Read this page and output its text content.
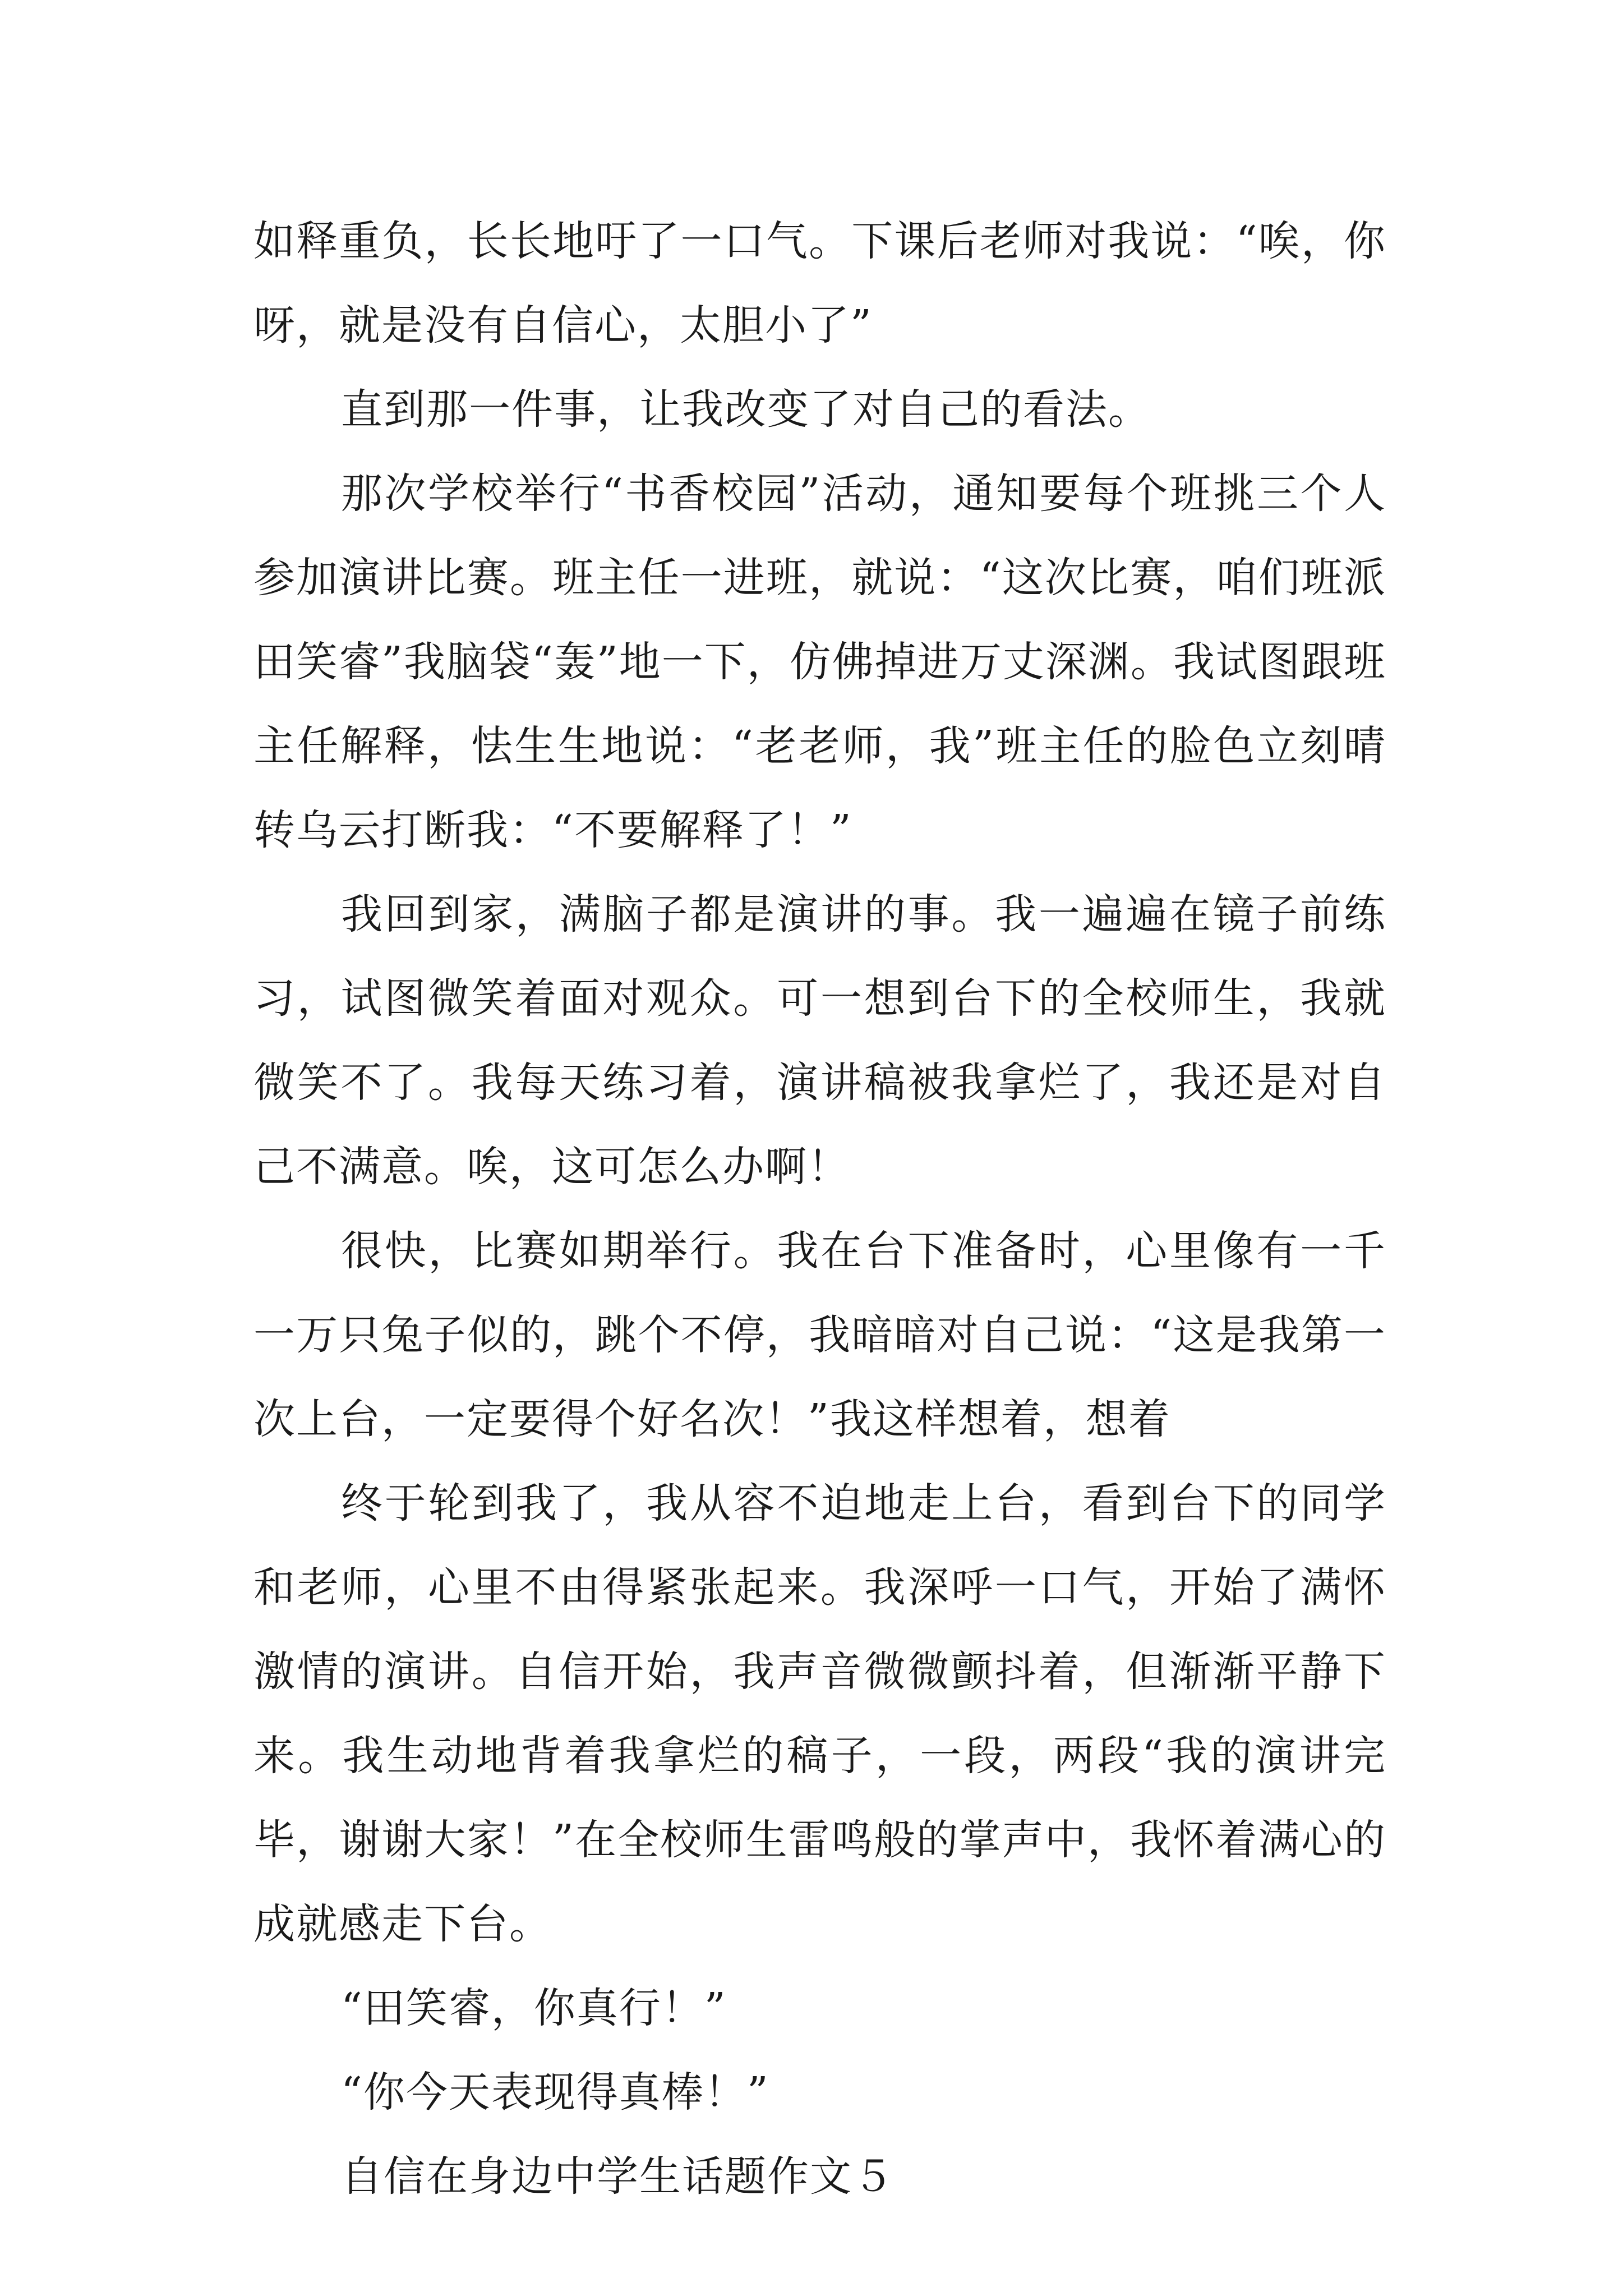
如释重负，长长地吁了一口气。下课后老师对我说：“唉，你呀，就是没有自信心，太胆小了”

直到那一件事，让我改变了对自己的看法。

那次学校举行“书香校园”活动，通知要每个班挑三个人参加演讲比赛。班主任一进班，就说：“这次比赛，咱们班派田笑睿”我脑袋“轰”地一下，仿佛掉进万丈深渊。我试图跟班主任解释，怯生生地说：“老老师，我”班主任的脸色立刻晴转乌云打断我：“不要解释了！”

我回到家，满脑子都是演讲的事。我一遍遍在镜子前练习，试图微笑着面对观众。可一想到台下的全校师生，我就微笑不了。我每天练习着，演讲稿被我拿烂了，我还是对自己不满意。唉，这可怎么办啊！

很快，比赛如期举行。我在台下准备时，心里像有一千一万只兔子似的，跳个不停，我暗暗对自己说：“这是我第一次上台，一定要得个好名次！”我这样想着，想着

终于轮到我了，我从容不迫地走上台，看到台下的同学和老师，心里不由得紧张起来。我深呼一口气，开始了满怀激情的演讲。自信开始，我声音微微颤抖着，但渐渐平静下来。我生动地背着我拿烂的稿子，一段，两段“我的演讲完毕，谢谢大家！”在全校师生雷鸣般的掌声中，我怀着满心的成就感走下台。

“田笑睿，你真行！”

“你今天表现得真棒！”

自信在身边中学生话题作文５
